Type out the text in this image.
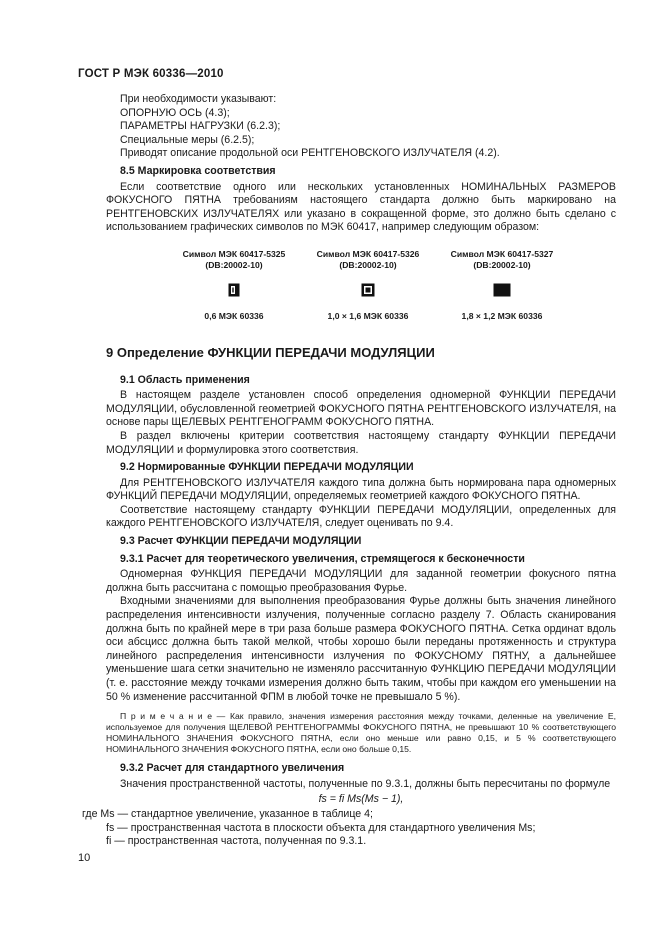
ГОСТ Р МЭК 60336—2010
При необходимости указывают:
ОПОРНУЮ ОСЬ (4.3);
ПАРАМЕТРЫ НАГРУЗКИ (6.2.3);
Специальные меры (6.2.5);
Приводят описание продольной оси РЕНТГЕНОВСКОГО ИЗЛУЧАТЕЛЯ (4.2).
8.5 Маркировка соответствия

Если соответствие одного или нескольких установленных НОМИНАЛЬНЫХ РАЗМЕРОВ ФОКУСНОГО ПЯТНА требованиям настоящего стандарта должно быть маркировано на РЕНТГЕНОВСКИХ ИЗЛУЧАТЕЛЯХ или указано в сокращенной форме, это должно быть сделано с использованием графических символов по МЭК 60417, например следующим образом:

Символ МЭК 60417-5325
(DB:20002-10)
0,6 МЭК 60336
Символ МЭК 60417-5326
(DB:20002-10)
1,0 × 1,6 МЭК 60336
Символ МЭК 60417-5327
(DB:20002-10)
1,8 × 1,2 МЭК 60336
9 Определение ФУНКЦИИ ПЕРЕДАЧИ МОДУЛЯЦИИ
9.1 Область применения

В настоящем разделе установлен способ определения одномерной ФУНКЦИИ ПЕРЕДАЧИ МОДУЛЯЦИИ, обусловленной геометрией ФОКУСНОГО ПЯТНА РЕНТГЕНОВСКОГО ИЗЛУЧАТЕЛЯ, на основе пары ЩЕЛЕВЫХ РЕНТГЕНОГРАММ ФОКУСНОГО ПЯТНА.

В раздел включены критерии соответствия настоящему стандарту ФУНКЦИИ ПЕРЕДАЧИ МОДУЛЯЦИИ и формулировка этого соответствия.

9.2 Нормированные ФУНКЦИИ ПЕРЕДАЧИ МОДУЛЯЦИИ

Для РЕНТГЕНОВСКОГО ИЗЛУЧАТЕЛЯ каждого типа должна быть нормирована пара одномерных ФУНКЦИЙ ПЕРЕДАЧИ МОДУЛЯЦИИ, определяемых геометрией каждого ФОКУСНОГО ПЯТНА.

Соответствие настоящему стандарту ФУНКЦИИ ПЕРЕДАЧИ МОДУЛЯЦИИ, определенных для каждого РЕНТГЕНОВСКОГО ИЗЛУЧАТЕЛЯ, следует оценивать по 9.4.

9.3 Расчет ФУНКЦИИ ПЕРЕДАЧИ МОДУЛЯЦИИ
9.3.1 Расчет для теоретического увеличения, стремящегося к бесконечности

Одномерная ФУНКЦИЯ ПЕРЕДАЧИ МОДУЛЯЦИИ для заданной геометрии фокусного пятна должна быть рассчитана с помощью преобразования Фурье.

Входными значениями для выполнения преобразования Фурье должны быть значения линейного распределения интенсивности излучения, полученные согласно разделу 7. Область сканирования должна быть по крайней мере в три раза больше размера ФОКУСНОГО ПЯТНА. Сетка ординат вдоль оси абсцисс должна быть такой мелкой, чтобы хорошо были переданы протяженность и структура линейного распределения интенсивности излучения по ФОКУСНОМУ ПЯТНУ, а дальнейшее уменьшение шага сетки значительно не изменяло рассчитанную ФУНКЦИЮ ПЕРЕДАЧИ МОДУЛЯЦИИ (т. е. расстояние между точками измерения должно быть таким, чтобы при каждом его уменьшении на 50 % изменение рассчитанной ФПМ в любой точке не превышало 5 %).

П р и м е ч а н и е — Как правило, значения измерения расстояния между точками, деленные на увеличение E, используемое для получения ЩЕЛЕВОЙ РЕНТГЕНОГРАММЫ ФОКУСНОГО ПЯТНА, не превышают 10 % соответствующего НОМИНАЛЬНОГО ЗНАЧЕНИЯ ФОКУСНОГО ПЯТНА, если оно меньше или равно 0,15, и 5 % соответствующего НОМИНАЛЬНОГО ЗНАЧЕНИЯ ФОКУСНОГО ПЯТНА, если оно больше 0,15.

9.3.2 Расчет для стандартного увеличения

Значения пространственной частоты, полученные по 9.3.1, должны быть пересчитаны по формуле

fs = fi Ms(Ms − 1),
где Ms — стандартное увеличение, указанное в таблице 4;
fs — пространственная частота в плоскости объекта для стандартного увеличения Ms;
fi — пространственная частота, полученная по 9.3.1.
10
